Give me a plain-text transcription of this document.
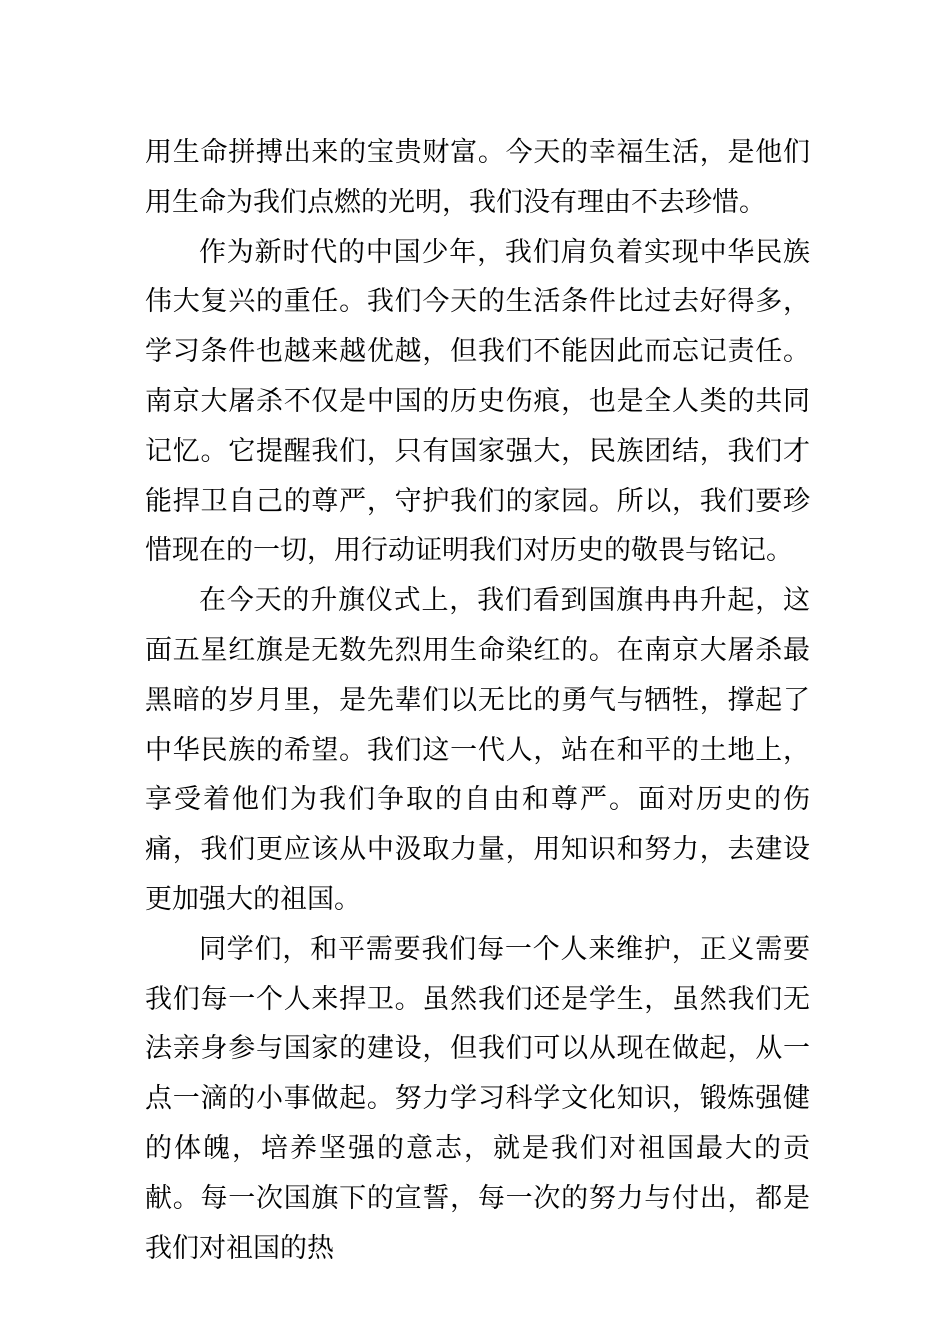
用生命拼搏出来的宝贵财富。今天的幸福生活，是他们用生命为我们点燃的光明，我们没有理由不去珍惜。

作为新时代的中国少年，我们肩负着实现中华民族伟大复兴的重任。我们今天的生活条件比过去好得多，学习条件也越来越优越，但我们不能因此而忘记责任。南京大屠杀不仅是中国的历史伤痕，也是全人类的共同记忆。它提醒我们，只有国家强大，民族团结，我们才能捍卫自己的尊严，守护我们的家园。所以，我们要珍惜现在的一切，用行动证明我们对历史的敬畏与铭记。

在今天的升旗仪式上，我们看到国旗冉冉升起，这面五星红旗是无数先烈用生命染红的。在南京大屠杀最黑暗的岁月里，是先辈们以无比的勇气与牺牲，撑起了中华民族的希望。我们这一代人，站在和平的土地上，享受着他们为我们争取的自由和尊严。面对历史的伤痛，我们更应该从中汲取力量，用知识和努力，去建设更加强大的祖国。

同学们，和平需要我们每一个人来维护，正义需要我们每一个人来捍卫。虽然我们还是学生，虽然我们无法亲身参与国家的建设，但我们可以从现在做起，从一点一滴的小事做起。努力学习科学文化知识，锻炼强健的体魄，培养坚强的意志，就是我们对祖国最大的贡献。每一次国旗下的宣誓，每一次的努力与付出，都是我们对祖国的热
